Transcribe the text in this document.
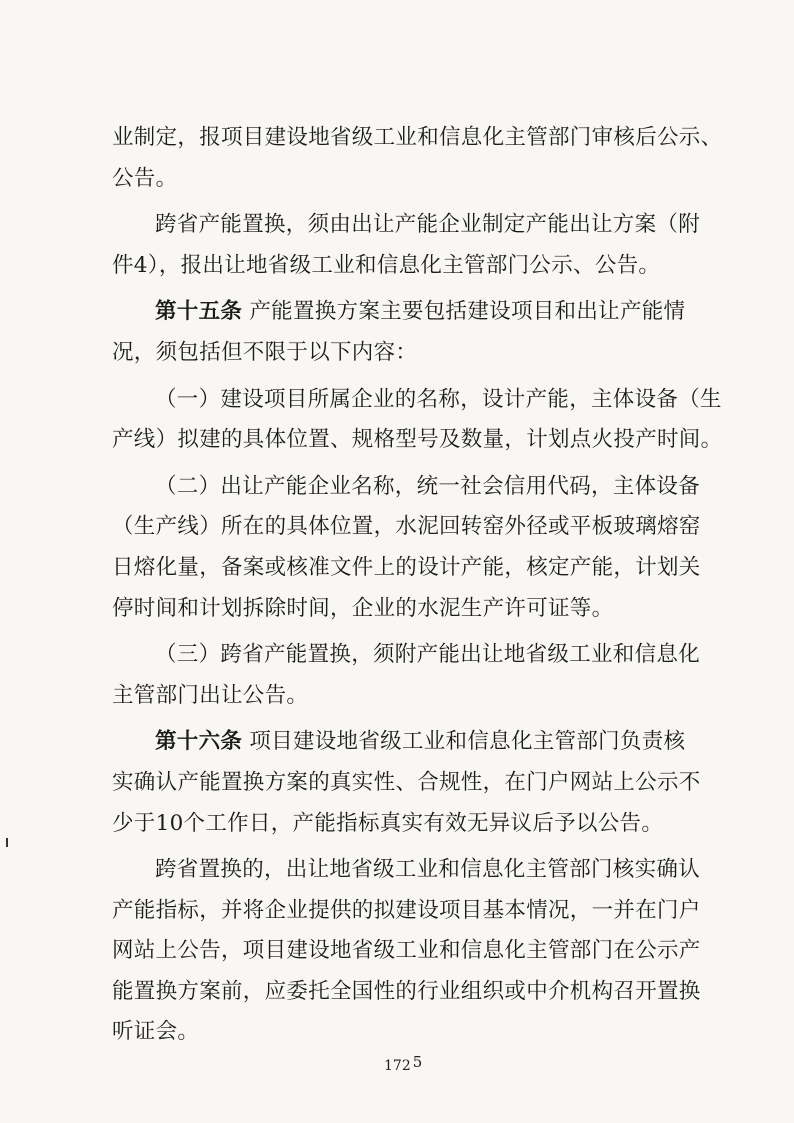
业制定，报项目建设地省级工业和信息化主管部门审核后公示、
公告。
跨省产能置换，须由出让产能企业制定产能出让方案（附
件4），报出让地省级工业和信息化主管部门公示、公告。
第十五条 产能置换方案主要包括建设项目和出让产能情
况，须包括但不限于以下内容：
（一）建设项目所属企业的名称，设计产能，主体设备（生
产线）拟建的具体位置、规格型号及数量，计划点火投产时间。
（二）出让产能企业名称，统一社会信用代码，主体设备
（生产线）所在的具体位置，水泥回转窑外径或平板玻璃熔窑
日熔化量，备案或核准文件上的设计产能，核定产能，计划关
停时间和计划拆除时间，企业的水泥生产许可证等。
（三）跨省产能置换，须附产能出让地省级工业和信息化
主管部门出让公告。
第十六条 项目建设地省级工业和信息化主管部门负责核
实确认产能置换方案的真实性、合规性，在门户网站上公示不
少于10个工作日，产能指标真实有效无异议后予以公告。
跨省置换的，出让地省级工业和信息化主管部门核实确认
产能指标，并将企业提供的拟建设项目基本情况，一并在门户
网站上公告，项目建设地省级工业和信息化主管部门在公示产
能置换方案前，应委托全国性的行业组织或中介机构召开置换
听证会。
172 5
